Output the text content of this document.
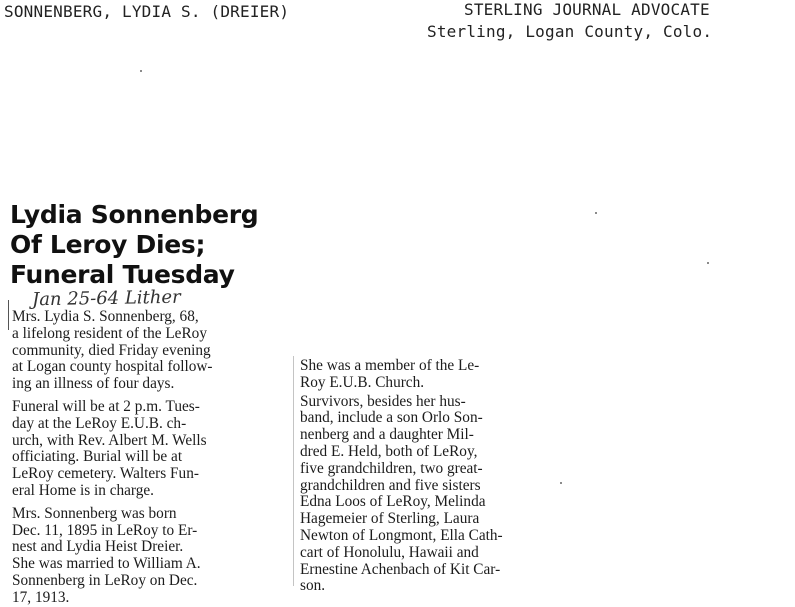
SONNENBERG, LYDIA S. (DREIER)	STERLING JOURNAL ADVOCATE
Sterling, Logan County, Colo.
Lydia Sonnenberg
Of Leroy Dies;
Funeral Tuesday
Jan 25-64 Lither
Mrs. Lydia S. Sonnenberg, 68,
a lifelong resident of the LeRoy
community, died Friday evening
at Logan county hospital follow-
ing an illness of four days.
Funeral will be at 2 p.m. Tues-
day at the LeRoy E.U.B. ch-
urch, with Rev. Albert M. Wells
officiating. Burial will be at
LeRoy cemetery. Walters Fun-
eral Home is in charge.
Mrs. Sonnenberg was born
Dec. 11, 1895 in LeRoy to Er-
nest and Lydia Heist Dreier.
She was married to William A.
Sonnenberg in LeRoy on Dec.
17, 1913.
She was a member of the Le-
Roy E.U.B. Church.
Survivors, besides her hus-
band, include a son Orlo Son-
nenberg and a daughter Mil-
dred E. Held, both of LeRoy,
five grandchildren, two great-
grandchildren and five sisters
Edna Loos of LeRoy, Melinda
Hagemeier of Sterling, Laura
Newton of Longmont, Ella Cath-
cart of Honolulu, Hawaii and
Ernestine Achenbach of Kit Car-
son.
